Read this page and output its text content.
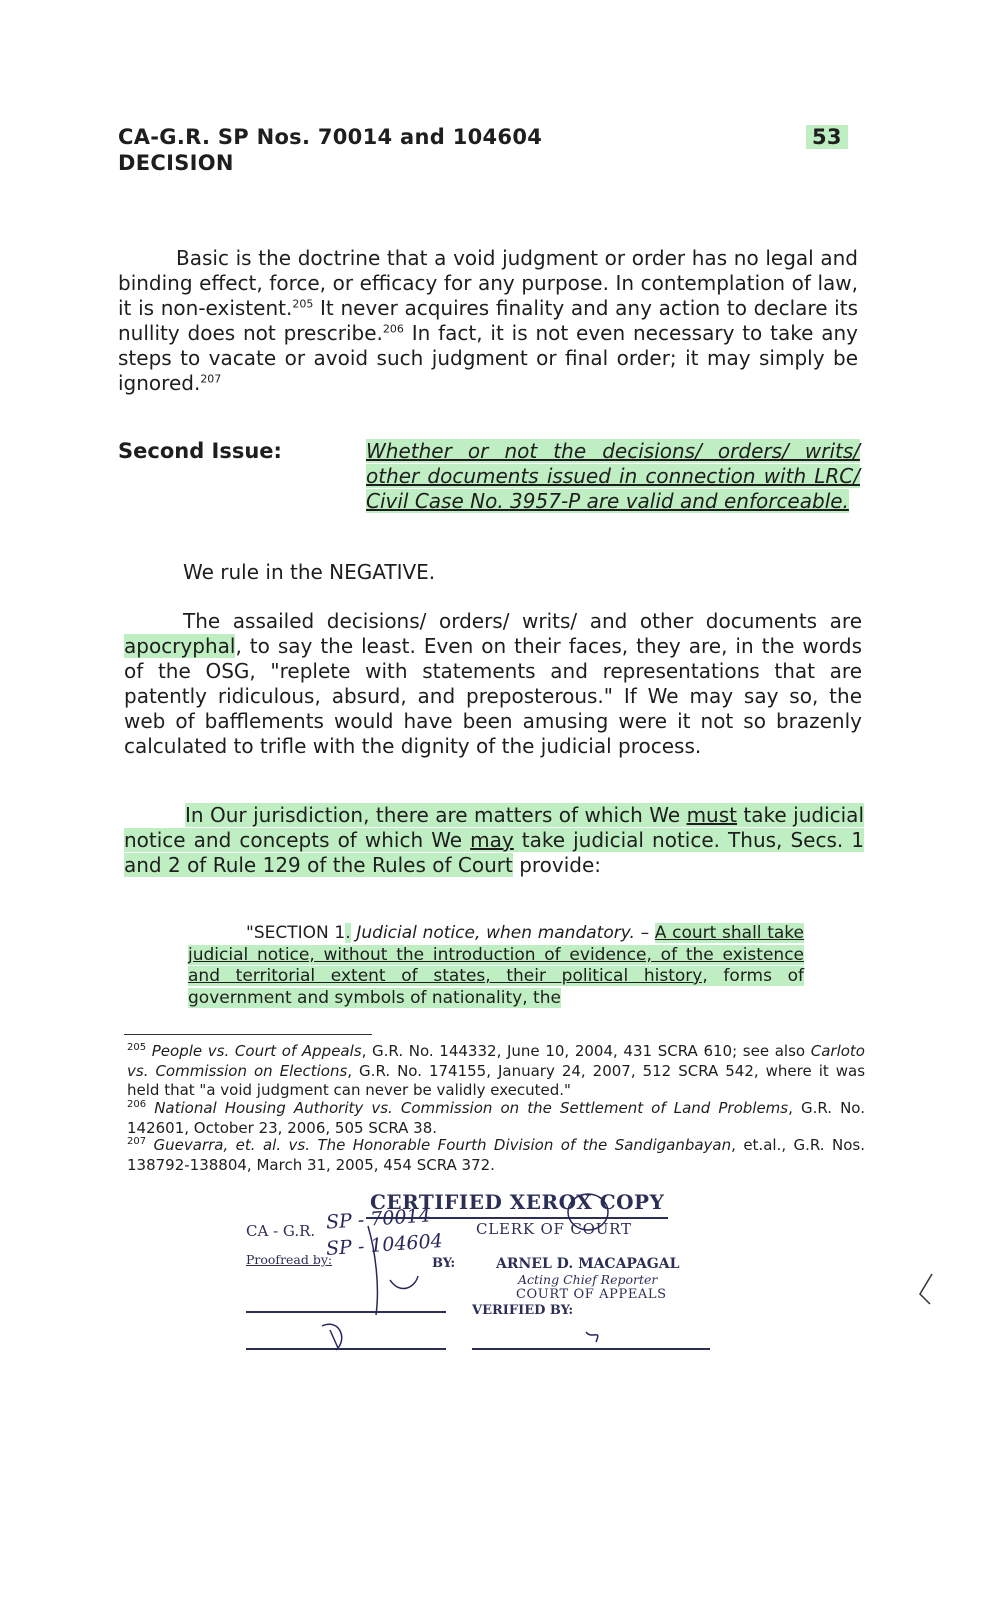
CA-G.R. SP Nos. 70014 and 104604
DECISION
53
Basic is the doctrine that a void judgment or order has no legal and binding effect, force, or efficacy for any purpose. In contemplation of law, it is non-existent.$^{205}$ It never acquires finality and any action to declare its nullity does not prescribe.$^{206}$ In fact, it is not even necessary to take any steps to vacate or avoid such judgment or final order; it may simply be ignored.$^{207}$
Second Issue:	Whether or not the decisions/ orders/ writs/ other documents issued in connection with LRC/ Civil Case No. 3957-P are valid and enforceable.
We rule in the NEGATIVE.
The assailed decisions/ orders/ writs/ and other documents are apocryphal, to say the least. Even on their faces, they are, in the words of the OSG, "replete with statements and representations that are patently ridiculous, absurd, and preposterous." If We may say so, the web of bafflements would have been amusing were it not so brazenly calculated to trifle with the dignity of the judicial process.
In Our jurisdiction, there are matters of which We must take judicial notice and concepts of which We may take judicial notice. Thus, Secs. 1 and 2 of Rule 129 of the Rules of Court provide:
"SECTION 1. Judicial notice, when mandatory. – A court shall take judicial notice, without the introduction of evidence, of the existence and territorial extent of states, their political history, forms of government and symbols of nationality, the
$^{205}$ People vs. Court of Appeals, G.R. No. 144332, June 10, 2004, 431 SCRA 610; see also Carloto vs. Commission on Elections, G.R. No. 174155, January 24, 2007, 512 SCRA 542, where it was held that "a void judgment can never be validly executed."
$^{206}$ National Housing Authority vs. Commission on the Settlement of Land Problems, G.R. No. 142601, October 23, 2006, 505 SCRA 38.
$^{207}$ Guevarra, et. al. vs. The Honorable Fourth Division of the Sandiganbayan, et.al., G.R. Nos. 138792-138804, March 31, 2005, 454 SCRA 372.
CERTIFIED XEROX COPY
CLERK OF COURT
CA - G.R. SP - 70014
SP - 104604
Proofread by:	BY:	ARNEL D. MACAPAGAL
Acting Chief Reporter
COURT OF APPEALS
VERIFIED BY:
